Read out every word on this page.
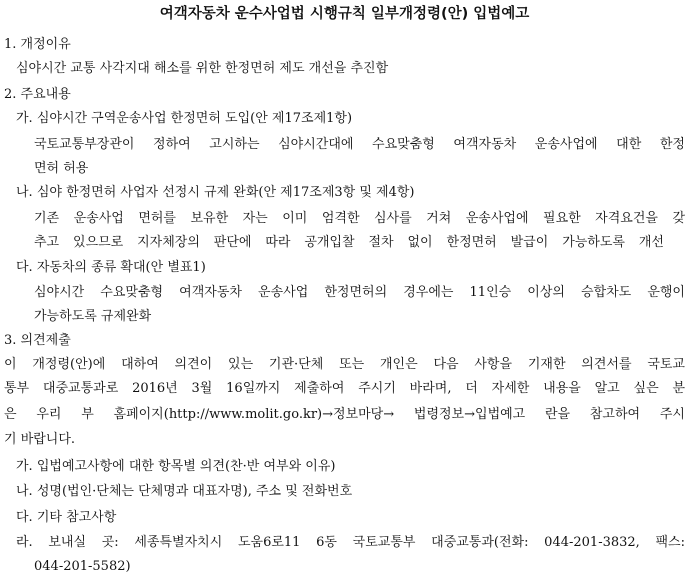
여객자동차 운수사업법 시행규칙 일부개정령(안) 입법예고
1. 개정이유
심야시간 교통 사각지대 해소를 위한 한정면허 제도 개선을 추진함
2. 주요내용
가. 심야시간 구역운송사업 한정면허 도입(안 제17조제1항)
국토교통부장관이 정하여 고시하는 심야시간대에 수요맞춤형 여객자동차 운송사업에 대한 한정
면허 허용
나. 심야 한정면허 사업자 선정시 규제 완화(안 제17조제3항 및 제4항)
기존 운송사업 면허를 보유한 자는 이미 엄격한 심사를 거쳐 운송사업에 필요한 자격요건을 갖
추고 있으므로 지자체장의 판단에 따라 공개입찰 절차 없이 한정면허 발급이 가능하도록 개선
다. 자동차의 종류 확대(안 별표1)
심야시간 수요맞춤형 여객자동차 운송사업 한정면허의 경우에는 11인승 이상의 승합차도 운행이
가능하도록 규제완화
3. 의견제출
이 개정령(안)에 대하여 의견이 있는 기관·단체 또는 개인은 다음 사항을 기재한 의견서를 국토교
통부 대중교통과로 2016년 3월 16일까지 제출하여 주시기 바라며, 더 자세한 내용을 알고 싶은 분
은 우리 부 홈페이지(http://www.molit.go.kr)→정보마당→ 법령정보→입법예고 란을 참고하여 주시
기 바랍니다.
가. 입법예고사항에 대한 항목별 의견(찬·반 여부와 이유)
나. 성명(법인·단체는 단체명과 대표자명), 주소 및 전화번호
다. 기타 참고사항
라. 보내실 곳: 세종특별자치시 도움6로11 6동 국토교통부 대중교통과(전화: 044-201-3832, 팩스:
044-201-5582)
